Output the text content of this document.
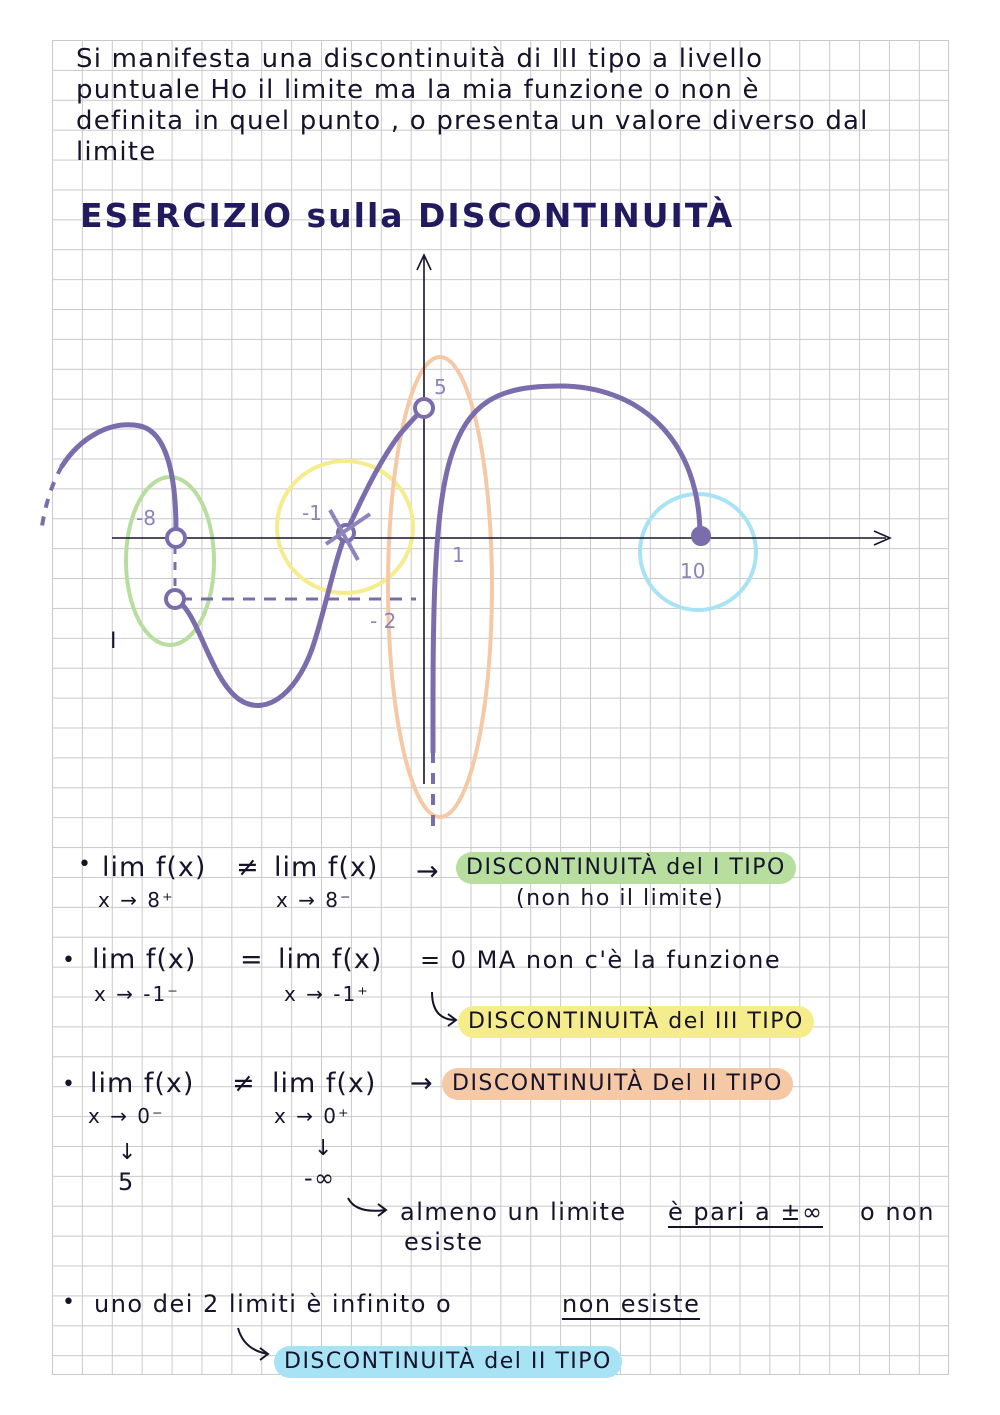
Si manifesta una discontinuità di III tipo a livello
puntuale Ho il limite ma la mia funzione o non è
definita in quel punto , o presenta un valore diverso dal
limite
ESERCIZIO sulla DISCONTINUITÀ
-8	-1
1
10
5
- 2
I
• lim f(x)
x → 8⁺
≠ lim f(x)
x → 8⁻
→	DISCONTINUITÀ del I TIPO
(non ho il limite)
• lim f(x)
x → -1⁻
= lim f(x)
x → -1⁺
= 0 MA non c'è la funzione
DISCONTINUITÀ del III TIPO
• lim f(x)
x → 0⁻
≠ lim f(x)
x → 0⁺
→ DISCONTINUITÀ Del II TIPO
↓
5
↓
-∞
almeno un limite è pari a ±∞ o non
esiste
• uno dei 2 limiti è infinito o	non esiste
DISCONTINUITÀ del II TIPO
